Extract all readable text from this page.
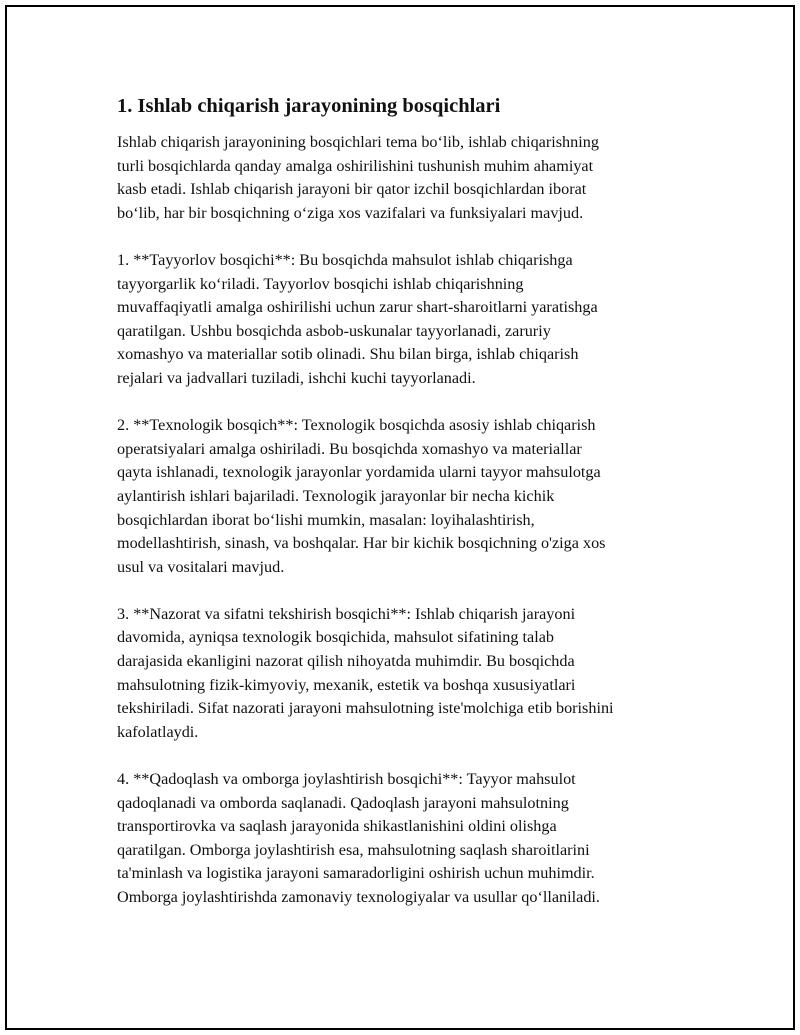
1. Ishlab chiqarish jarayonining bosqichlari
Ishlab chiqarish jarayonining bosqichlari tema bo‘lib, ishlab chiqarishning
turli bosqichlarda qanday amalga oshirilishini tushunish muhim ahamiyat
kasb etadi. Ishlab chiqarish jarayoni bir qator izchil bosqichlardan iborat
bo‘lib, har bir bosqichning o‘ziga xos vazifalari va funksiyalari mavjud.
1. **Tayyorlov bosqichi**: Bu bosqichda mahsulot ishlab chiqarishga
tayyorgarlik ko‘riladi. Tayyorlov bosqichi ishlab chiqarishning
muvaffaqiyatli amalga oshirilishi uchun zarur shart-sharoitlarni yaratishga
qaratilgan. Ushbu bosqichda asbob-uskunalar tayyorlanadi, zaruriy
xomashyo va materiallar sotib olinadi. Shu bilan birga, ishlab chiqarish
rejalari va jadvallari tuziladi, ishchi kuchi tayyorlanadi.
2. **Texnologik bosqich**: Texnologik bosqichda asosiy ishlab chiqarish
operatsiyalari amalga oshiriladi. Bu bosqichda xomashyo va materiallar
qayta ishlanadi, texnologik jarayonlar yordamida ularni tayyor mahsulotga
aylantirish ishlari bajariladi. Texnologik jarayonlar bir necha kichik
bosqichlardan iborat bo‘lishi mumkin, masalan: loyihalashtirish,
modellashtirish, sinash, va boshqalar. Har bir kichik bosqichning o'ziga xos
usul va vositalari mavjud.
3. **Nazorat va sifatni tekshirish bosqichi**: Ishlab chiqarish jarayoni
davomida, ayniqsa texnologik bosqichida, mahsulot sifatining talab
darajasida ekanligini nazorat qilish nihoyatda muhimdir. Bu bosqichda
mahsulotning fizik-kimyoviy, mexanik, estetik va boshqa xususiyatlari
tekshiriladi. Sifat nazorati jarayoni mahsulotning iste'molchiga etib borishini
kafolatlaydi.
4. **Qadoqlash va omborga joylashtirish bosqichi**: Tayyor mahsulot
qadoqlanadi va omborda saqlanadi. Qadoqlash jarayoni mahsulotning
transportirovka va saqlash jarayonida shikastlanishini oldini olishga
qaratilgan. Omborga joylashtirish esa, mahsulotning saqlash sharoitlarini
ta'minlash va logistika jarayoni samaradorligini oshirish uchun muhimdir.
Omborga joylashtirishda zamonaviy texnologiyalar va usullar qo‘llaniladi.
